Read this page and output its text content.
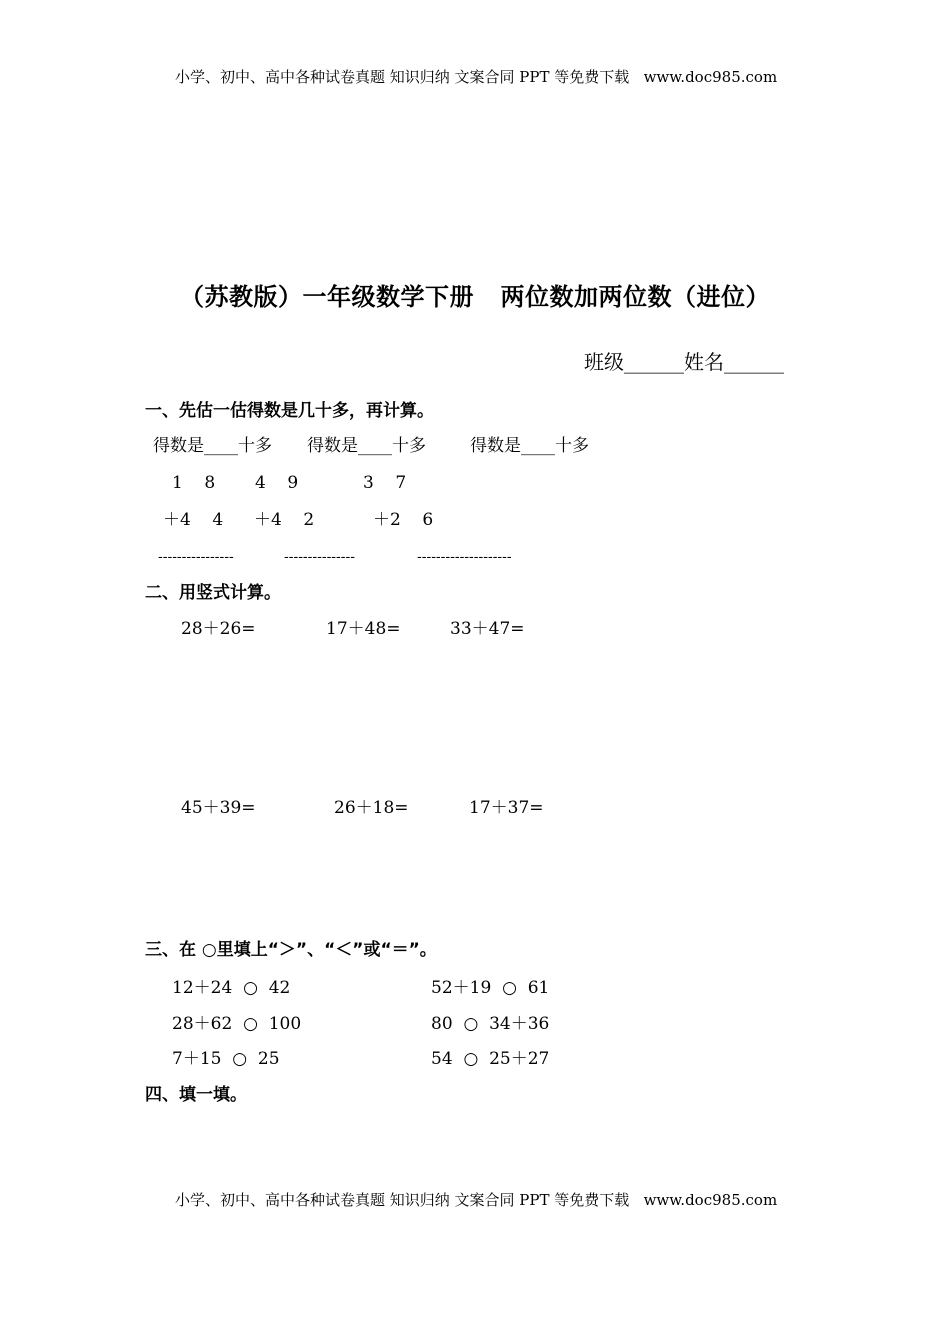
小学、初中、高中各种试卷真题 知识归纳 文案合同 PPT 等免费下载   www.doc985.com
（苏教版）一年级数学下册   两位数加两位数（进位）
班级______姓名______
一、先估一估得数是几十多，再计算。
得数是____十多 得数是____十多	得数是____十多
1    8 4    9	3    7
＋4    4 ＋4    2	＋2    6
----------------	---------------	--------------------
二、用竖式计算。
28＋26=	17＋48=	33＋47=
45＋39=	26＋18=	17＋37=
三、在 ○里填上“＞”、“＜”或“＝”。
12＋24  ○  42	52＋19  ○  61
28＋62  ○  100	80  ○  34＋36
7＋15  ○  25	54  ○  25＋27
四、填一填。
小学、初中、高中各种试卷真题 知识归纳 文案合同 PPT 等免费下载   www.doc985.com
